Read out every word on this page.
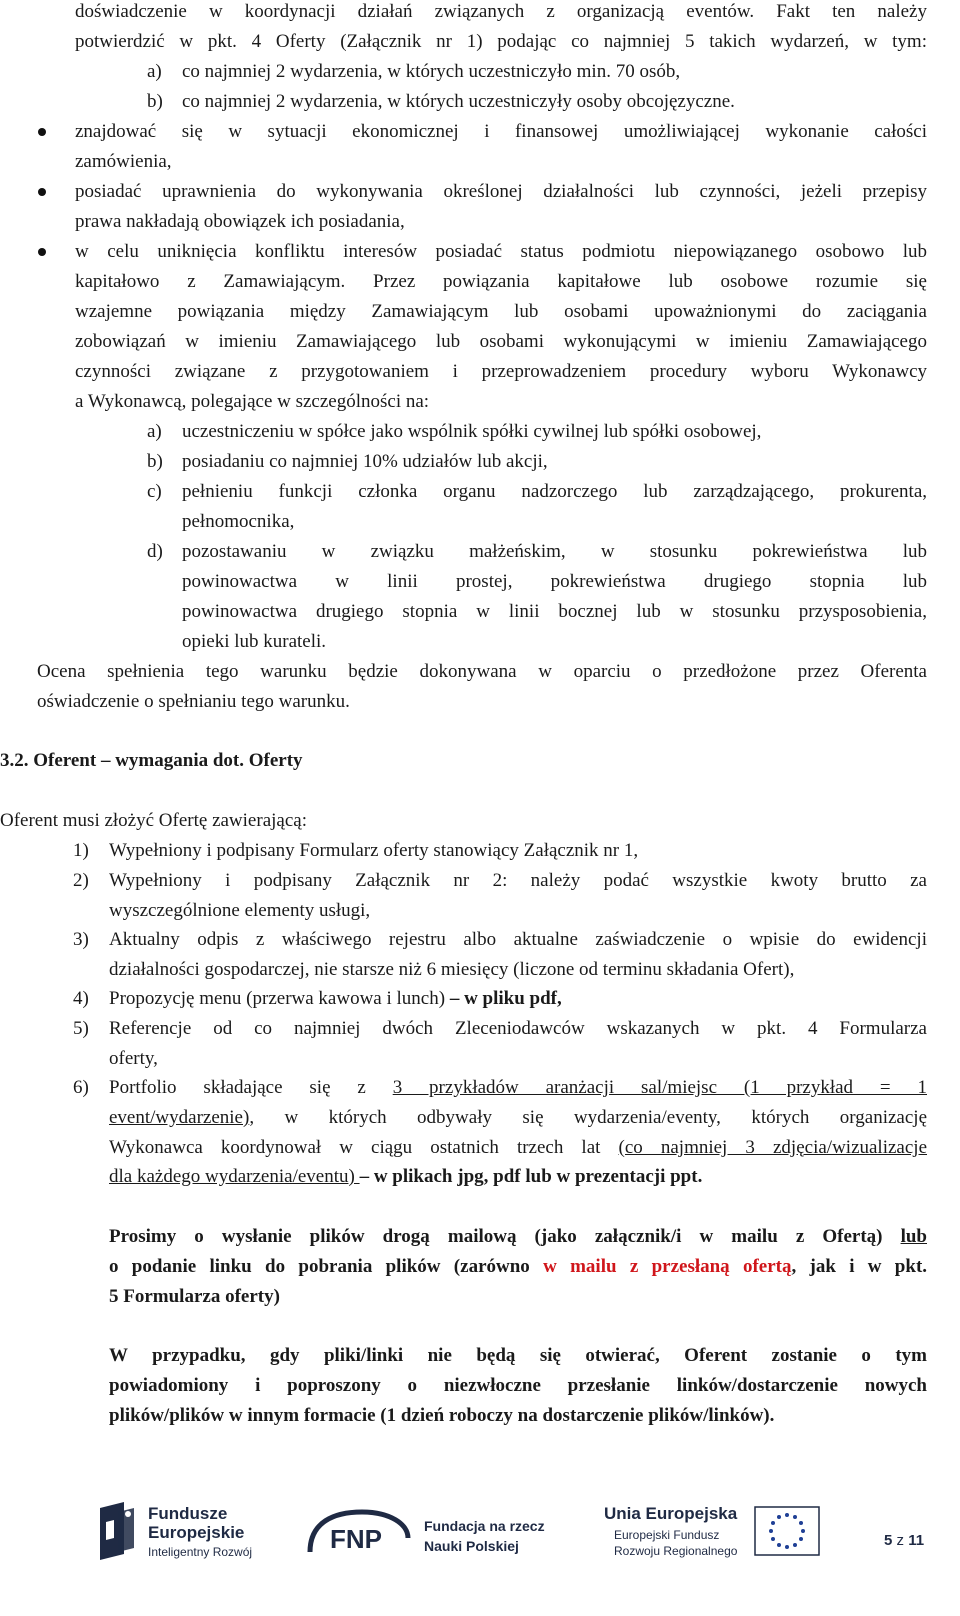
doświadczenie w koordynacji działań związanych z organizacją eventów. Fakt ten należy
potwierdzić w pkt. 4 Oferty (Załącznik nr 1) podając co najmniej 5 takich wydarzeń, w tym:
a) co najmniej 2 wydarzenia, w których uczestniczyło min. 70 osób,
b) co najmniej 2 wydarzenia, w których uczestniczyły osoby obcojęzyczne.
znajdować się w sytuacji ekonomicznej i finansowej umożliwiającej wykonanie całości
zamówienia,
posiadać uprawnienia do wykonywania określonej działalności lub czynności, jeżeli przepisy
prawa nakładają obowiązek ich posiadania,
w celu uniknięcia konfliktu interesów posiadać status podmiotu niepowiązanego osobowo lub
kapitałowo z Zamawiającym. Przez powiązania kapitałowe lub osobowe rozumie się
wzajemne powiązania między Zamawiającym lub osobami upoważnionymi do zaciągania
zobowiązań w imieniu Zamawiającego lub osobami wykonującymi w imieniu Zamawiającego
czynności związane z przygotowaniem i przeprowadzeniem procedury wyboru Wykonawcy
a Wykonawcą, polegające w szczególności na:
a) uczestniczeniu w spółce jako wspólnik spółki cywilnej lub spółki osobowej,
b) posiadaniu co najmniej 10% udziałów lub akcji,
c) pełnieniu funkcji członka organu nadzorczego lub zarządzającego, prokurenta,
pełnomocnika,
d) pozostawaniu w związku małżeńskim, w stosunku pokrewieństwa lub
powinowactwa w linii prostej, pokrewieństwa drugiego stopnia lub
powinowactwa drugiego stopnia w linii bocznej lub w stosunku przysposobienia,
opieki lub kurateli.
Ocena spełnienia tego warunku będzie dokonywana w oparciu o przedłożone przez Oferenta
oświadczenie o spełnianiu tego warunku.
3.2. Oferent – wymagania dot. Oferty
Oferent musi złożyć Ofertę zawierającą:
1) Wypełniony i podpisany Formularz oferty stanowiący Załącznik nr 1,
2) Wypełniony i podpisany Załącznik nr 2: należy podać wszystkie kwoty brutto za
wyszczególnione elementy usługi,
3) Aktualny odpis z właściwego rejestru albo aktualne zaświadczenie o wpisie do ewidencji
działalności gospodarczej, nie starsze niż 6 miesięcy (liczone od terminu składania Ofert),
4) Propozycję menu (przerwa kawowa i lunch) – w pliku pdf,
5) Referencje od co najmniej dwóch Zleceniodawców wskazanych w pkt. 4 Formularza
oferty,
6) Portfolio składające się z 3 przykładów aranżacji sal/miejsc (1 przykład = 1
event/wydarzenie), w których odbywały się wydarzenia/eventy, których organizację
Wykonawca koordynował w ciągu ostatnich trzech lat (co najmniej 3 zdjęcia/wizualizacje
dla każdego wydarzenia/eventu) – w plikach jpg, pdf lub w prezentacji ppt.
Prosimy o wysłanie plików drogą mailową (jako załącznik/i w mailu z Ofertą) lub
o podanie linku do pobrania plików (zarówno w mailu z przesłaną ofertą, jak i w pkt.
5 Formularza oferty)
W przypadku, gdy pliki/linki nie będą się otwierać, Oferent zostanie o tym
powiadomiony i poproszony o niezwłoczne przesłanie linków/dostarczenie nowych
plików/plików w innym formacie (1 dzień roboczy na dostarczenie plików/linków).
Fundusze
Europejskie
Inteligentny Rozwój	FNP	Fundacja na rzecz
Nauki Polskiej
Unia Europejska
Europejski Fundusz
Rozwoju Regionalnego
5 z 11
